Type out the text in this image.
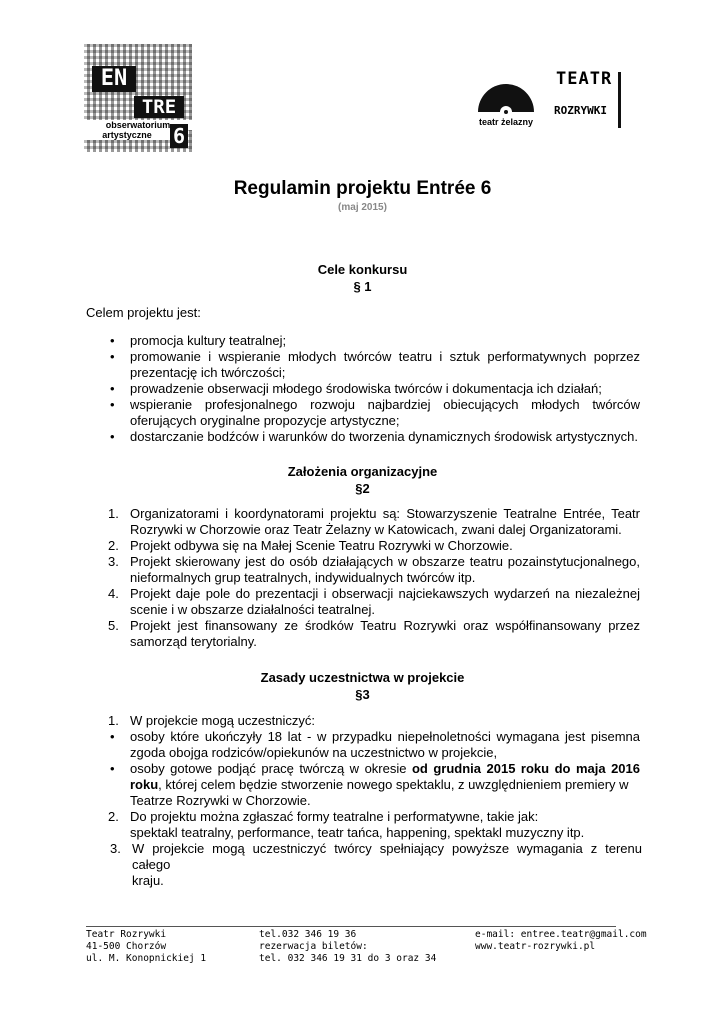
EN
TRE
obserwatorium
artystyczne	6
teatr żelazny
TEATR
ROZRYWKI
Regulamin projektu Entrée 6
(maj 2015)
Cele konkursu
§ 1
Celem projektu jest:
• promocja kultury teatralnej;
• promowanie i wspieranie młodych twórców teatru i sztuk performatywnych poprzez
prezentację ich twórczości;
• prowadzenie obserwacji młodego środowiska twórców i dokumentacja ich działań;
• wspieranie profesjonalnego rozwoju najbardziej obiecujących młodych twórców
oferujących oryginalne propozycje artystyczne;
• dostarczanie bodźców i warunków do tworzenia dynamicznych środowisk artystycznych.
Założenia organizacyjne
§2
1. Organizatorami i koordynatorami projektu są: Stowarzyszenie Teatralne Entrée, Teatr
Rozrywki w Chorzowie oraz Teatr Żelazny w Katowicach, zwani dalej Organizatorami.
2. Projekt odbywa się na Małej Scenie Teatru Rozrywki w Chorzowie.
3. Projekt skierowany jest do osób działających w obszarze teatru pozainstytucjonalnego,
nieformalnych grup teatralnych, indywidualnych twórców itp.
4. Projekt daje pole do prezentacji i obserwacji najciekawszych wydarzeń na niezależnej
scenie i w obszarze działalności teatralnej.
5. Projekt jest finansowany ze środków Teatru Rozrywki oraz współfinansowany przez
samorząd terytorialny.
Zasady uczestnictwa w projekcie
§3
1. W projekcie mogą uczestniczyć:
• osoby które ukończyły 18 lat - w przypadku niepełnoletności wymagana jest pisemna
zgoda obojga rodziców/opiekunów na uczestnictwo w projekcie,
• osoby gotowe podjąć pracę twórczą w okresie od grudnia 2015 roku do maja 2016
roku, której celem będzie stworzenie nowego spektaklu, z uwzględnieniem premiery w
Teatrze Rozrywki w Chorzowie.
2. Do projektu można zgłaszać formy teatralne i performatywne, takie jak:
spektakl teatralny, performance, teatr tańca, happening, spektakl muzyczny itp.
3. W projekcie mogą uczestniczyć twórcy spełniający powyższe wymagania z terenu całego
kraju.
Teatr Rozrywki
41-500 Chorzów
ul. M. Konopnickiej 1
tel.032 346 19 36
rezerwacja biletów:
tel. 032 346 19 31 do 3 oraz 34
e-mail: entree.teatr@gmail.com
www.teatr-rozrywki.pl
